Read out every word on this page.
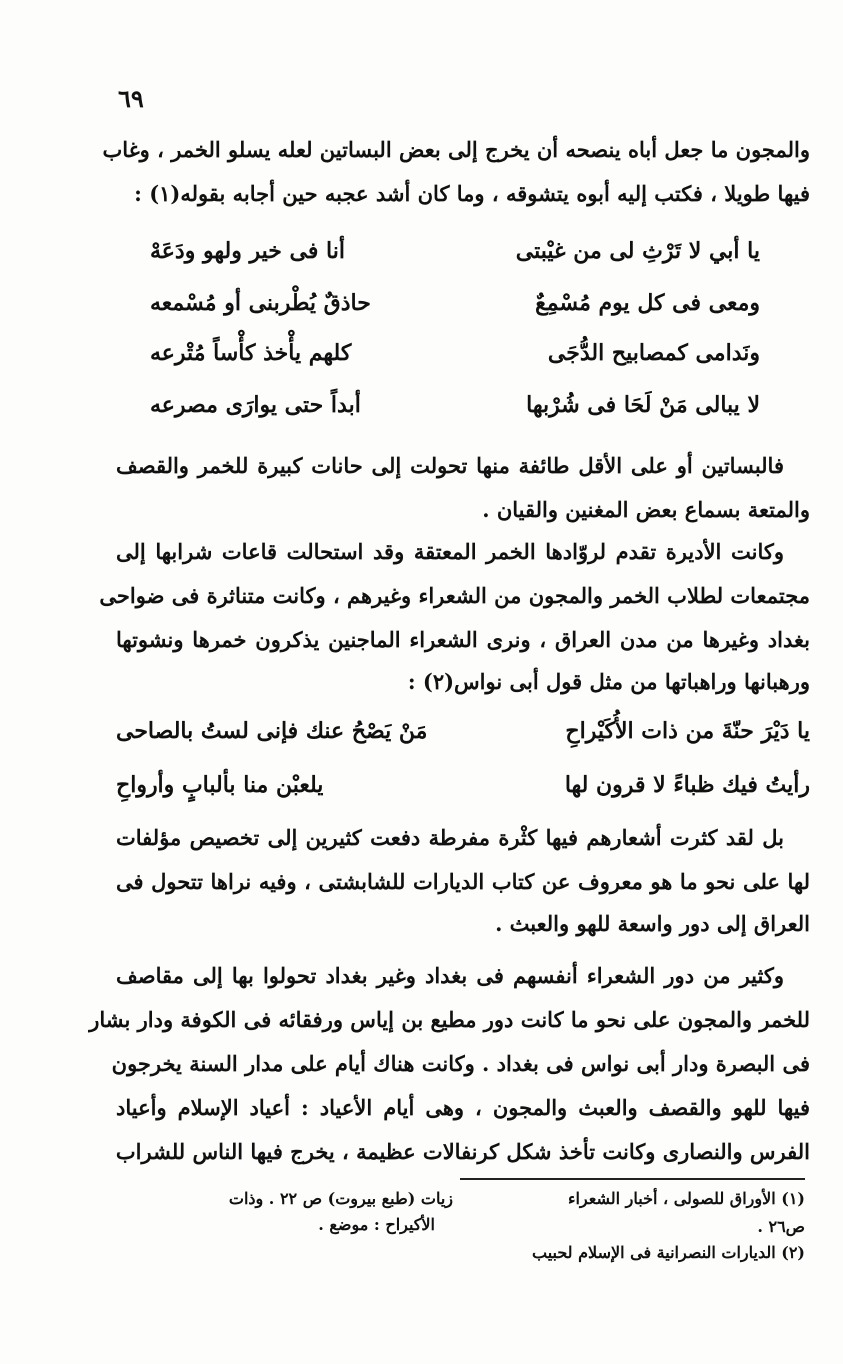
٦٩
والمجون ما جعل أباه ينصحه أن يخرج إلى بعض البساتين لعله يسلو الخمر ، وغاب
فيها طويلا ، فكتب إليه أبوه يتشوقه ، وما كان أشد عجبه حين أجابه بقوله(١) :
يا أبي لا تَرْثِ لى من غيْبتى
أنا فى خير ولهو ودَعَهْ
ومعى فى كل يوم مُسْمِعٌ
حاذقٌ يُطْربنى أو مُسْمعه
ونَدامى كمصابيح الدُّجَى
كلهم يأْخذ كأْساً مُتْرعه
لا يبالى مَنْ لَحَا فى شُرْبها
أبداً حتى يوارَى مصرعه
فالبساتين أو على الأقل طائفة منها تحولت إلى حانات كبيرة للخمر والقصف
والمتعة بسماع بعض المغنين والقيان .
وكانت الأديرة تقدم لروّادها الخمر المعتقة وقد استحالت قاعات شرابها إلى
مجتمعات لطلاب الخمر والمجون من الشعراء وغيرهم ، وكانت متناثرة فى ضواحى
بغداد وغيرها من مدن العراق ، ونرى الشعراء الماجنين يذكرون خمرها ونشوتها
ورهبانها وراهباتها من مثل قول أبى نواس(٢) :
يا دَيْرَ حنّةَ من ذات الأُكَيْراحِ
مَنْ يَصْحُ عنك فإنى لستُ بالصاحى
رأيتُ فيك ظباءً لا قرون لها
يلعبْن منا بألبابٍ وأرواحِ
بل لقد كثرت أشعارهم فيها كثْرة مفرطة دفعت كثيرين إلى تخصيص مؤلفات
لها على نحو ما هو معروف عن كتاب الديارات للشابشتى ، وفيه نراها تتحول فى
العراق إلى دور واسعة للهو والعبث .
وكثير من دور الشعراء أنفسهم فى بغداد وغير بغداد تحولوا بها إلى مقاصف
للخمر والمجون على نحو ما كانت دور مطيع بن إياس ورفقائه فى الكوفة ودار بشار
فى البصرة ودار أبى نواس فى بغداد . وكانت هناك أيام على مدار السنة يخرجون
فيها للهو والقصف والعبث والمجون ، وهى أيام الأعياد : أعياد الإسلام وأعياد
الفرس والنصارى وكانت تأخذ شكل كرنفالات عظيمة ، يخرج فيها الناس للشراب
(١) الأوراق للصولى ، أخبار الشعراء
ص٢٦ .
(٢) الديارات النصرانية فى الإسلام لحبيب
زيات (طبع بيروت) ص ٢٢ . وذات
الأكيراح : موضع .
